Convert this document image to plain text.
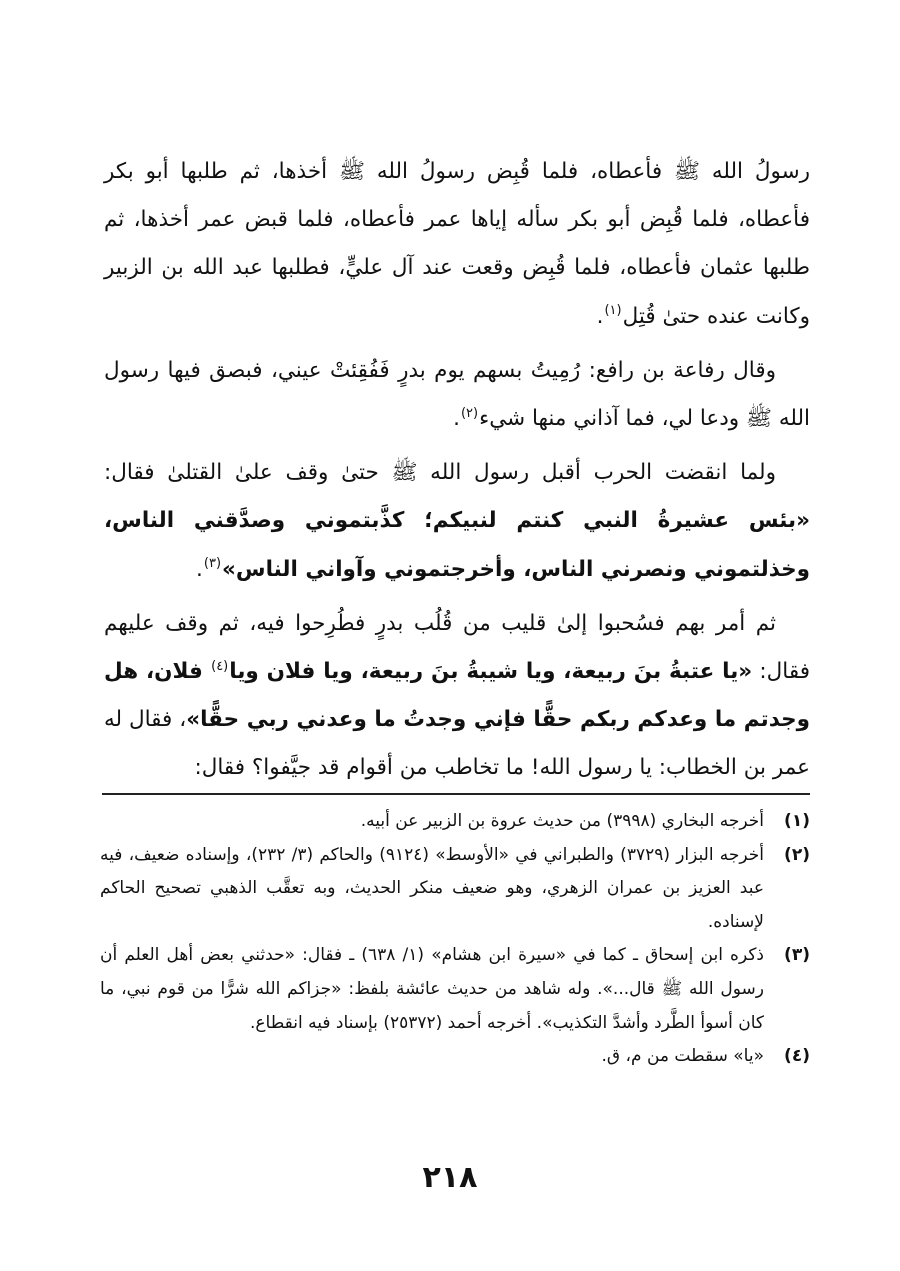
رسولُ الله ﷺ فأعطاه، فلما قُبِض رسولُ الله ﷺ أخذها، ثم طلبها أبو بكر فأعطاه، فلما قُبِض أبو بكر سأله إياها عمر فأعطاه، فلما قبض عمر أخذها، ثم طلبها عثمان فأعطاه، فلما قُبِض وقعت عند آل عليٍّ، فطلبها عبد الله بن الزبير وكانت عنده حتىٰ قُتِل$^{(١)}$.

وقال رفاعة بن رافع: رُمِيتُ بسهم يوم بدرٍ فَفُقِئتْ عيني، فبصق فيها رسول الله ﷺ ودعا لي، فما آذاني منها شيء$^{(٢)}$.

ولما انقضت الحرب أقبل رسول الله ﷺ حتىٰ وقف علىٰ القتلىٰ فقال: «بئس عشيرةُ النبي كنتم لنبيكم؛ كذَّبتموني وصدَّقني الناس، وخذلتموني ونصرني الناس، وأخرجتموني وآواني الناس»$^{(٣)}$.

ثم أمر بهم فسُحبوا إلىٰ قليب من قُلُب بدرٍ فطُرِحوا فيه، ثم وقف عليهم فقال: «يا عتبةُ بنَ ربيعة، ويا شيبةُ بنَ ربيعة، ويا فلان ويا$^{(٤)}$ فلان، هل وجدتم ما وعدكم ربكم حقًّا فإني وجدتُ ما وعدني ربي حقًّا»، فقال له عمر بن الخطاب: يا رسول الله! ما تخاطب من أقوام قد جيَّفوا؟ فقال:

(١)
أخرجه البخاري (٣٩٩٨) من حديث عروة بن الزبير عن أبيه.
(٢)
أخرجه البزار (٣٧٢٩) والطبراني في «الأوسط» (٩١٢٤) والحاكم (٣/ ٢٣٢)، وإسناده ضعيف، فيه عبد العزيز بن عمران الزهري، وهو ضعيف منكر الحديث، وبه تعقَّب الذهبي تصحيح الحاكم لإسناده.
(٣)
ذكره ابن إسحاق ـ كما في «سيرة ابن هشام» (١/ ٦٣٨) ـ فقال: «حدثني بعض أهل العلم أن رسول الله ﷺ قال...». وله شاهد من حديث عائشة بلفظ: «جزاكم الله شرًّا من قوم نبي، ما كان أسوأ الطَّرد وأشدَّ التكذيب». أخرجه أحمد (٢٥٣٧٢) بإسناد فيه انقطاع.
(٤)
«يا» سقطت من م، ق.
٢١٨
